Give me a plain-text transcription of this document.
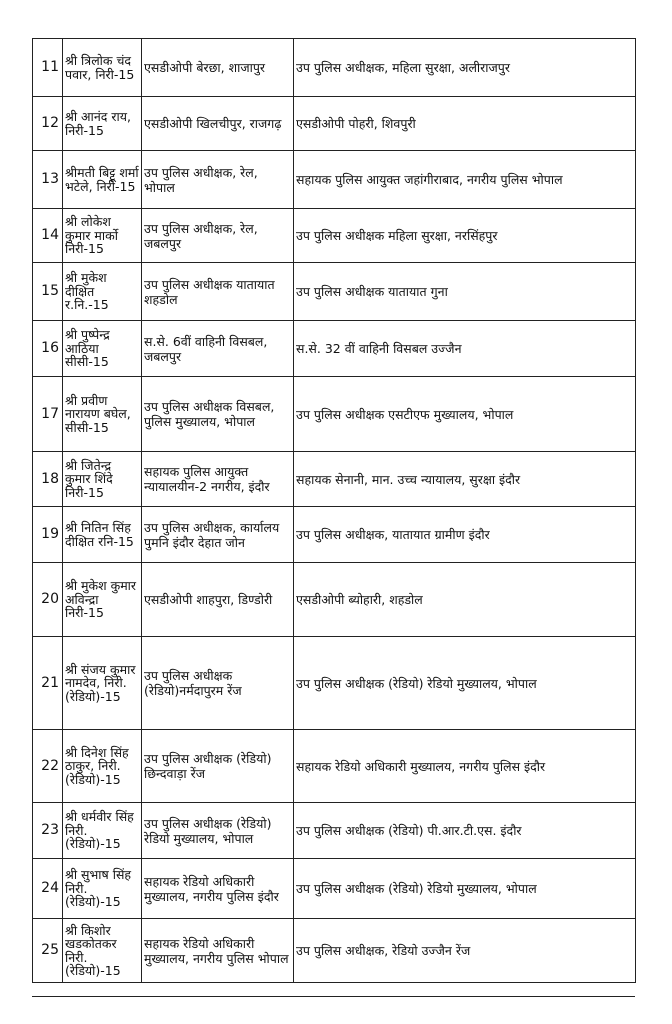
11	श्री त्रिलोक चंद पवार, निरी-15	एसडीओपी बेरछा, शाजापुर	उप पुलिस अधीक्षक, महिला सुरक्षा, अलीराजपुर
12	श्री आनंद राय, निरी-15	एसडीओपी खिलचीपुर, राजगढ़	एसडीओपी पोहरी, शिवपुरी
13	श्रीमती बिट्टू शर्मा भटेले, निरी-15	उप पुलिस अधीक्षक, रेल, भोपाल	सहायक पुलिस आयुक्त जहांगीराबाद, नगरीय पुलिस भोपाल
14	श्री लोकेश कुमार मार्को निरी-15	उप पुलिस अधीक्षक, रेल, जबलपुर	उप पुलिस अधीक्षक महिला सुरक्षा, नरसिंहपुर
15	श्री मुकेश दीक्षित र.नि.-15	उप पुलिस अधीक्षक यातायात शहडोल	उप पुलिस अधीक्षक यातायात गुना
16	श्री पुष्पेन्द्र आठिया सीसी-15	स.से. 6वीं वाहिनी विसबल, जबलपुर	स.से. 32 वीं वाहिनी विसबल उज्जैन
17	श्री प्रवीण नारायण बघेल, सीसी-15	उप पुलिस अधीक्षक विसबल, पुलिस मुख्यालय, भोपाल	उप पुलिस अधीक्षक एसटीएफ मुख्यालय, भोपाल
18	श्री जितेन्द्र कुमार शिंदे निरी-15	सहायक पुलिस आयुक्त न्यायालयीन-2 नगरीय, इंदौर	सहायक सेनानी, मान. उच्च न्यायालय, सुरक्षा इंदौर
19	श्री नितिन सिंह दीक्षित रनि-15	उप पुलिस अधीक्षक, कार्यालय पुमनि इंदौर देहात जोन	उप पुलिस अधीक्षक, यातायात ग्रामीण इंदौर
20	श्री मुकेश कुमार अविन्द्रा निरी-15	एसडीओपी शाहपुरा, डिण्डोरी	एसडीओपी ब्योहारी, शहडोल
21	श्री संजय कुमार नामदेव, निरी. (रेडियो)-15	उप पुलिस अधीक्षक (रेडियो)नर्मदापुरम रेंज	उप पुलिस अधीक्षक (रेडियो) रेडियो मुख्यालय, भोपाल
22	श्री दिनेश सिंह ठाकुर, निरी. (रेडियो)-15	उप पुलिस अधीक्षक (रेडियो) छिन्दवाड़ा रेंज	सहायक रेडियो अधिकारी मुख्यालय, नगरीय पुलिस इंदौर
23	श्री धर्मवीर सिंह निरी. (रेडियो)-15	उप पुलिस अधीक्षक (रेडियो) रेडियो मुख्यालय, भोपाल	उप पुलिस अधीक्षक (रेडियो) पी.आर.टी.एस. इंदौर
24	श्री सुभाष सिंह निरी. (रेडियो)-15	सहायक रेडियो अधिकारी मुख्यालय, नगरीय पुलिस इंदौर	उप पुलिस अधीक्षक (रेडियो) रेडियो मुख्यालय, भोपाल
25	श्री किशोर खडकोतकर निरी. (रेडियो)-15	सहायक रेडियो अधिकारी मुख्यालय, नगरीय पुलिस भोपाल	उप पुलिस अधीक्षक, रेडियो उज्जैन रेंज
